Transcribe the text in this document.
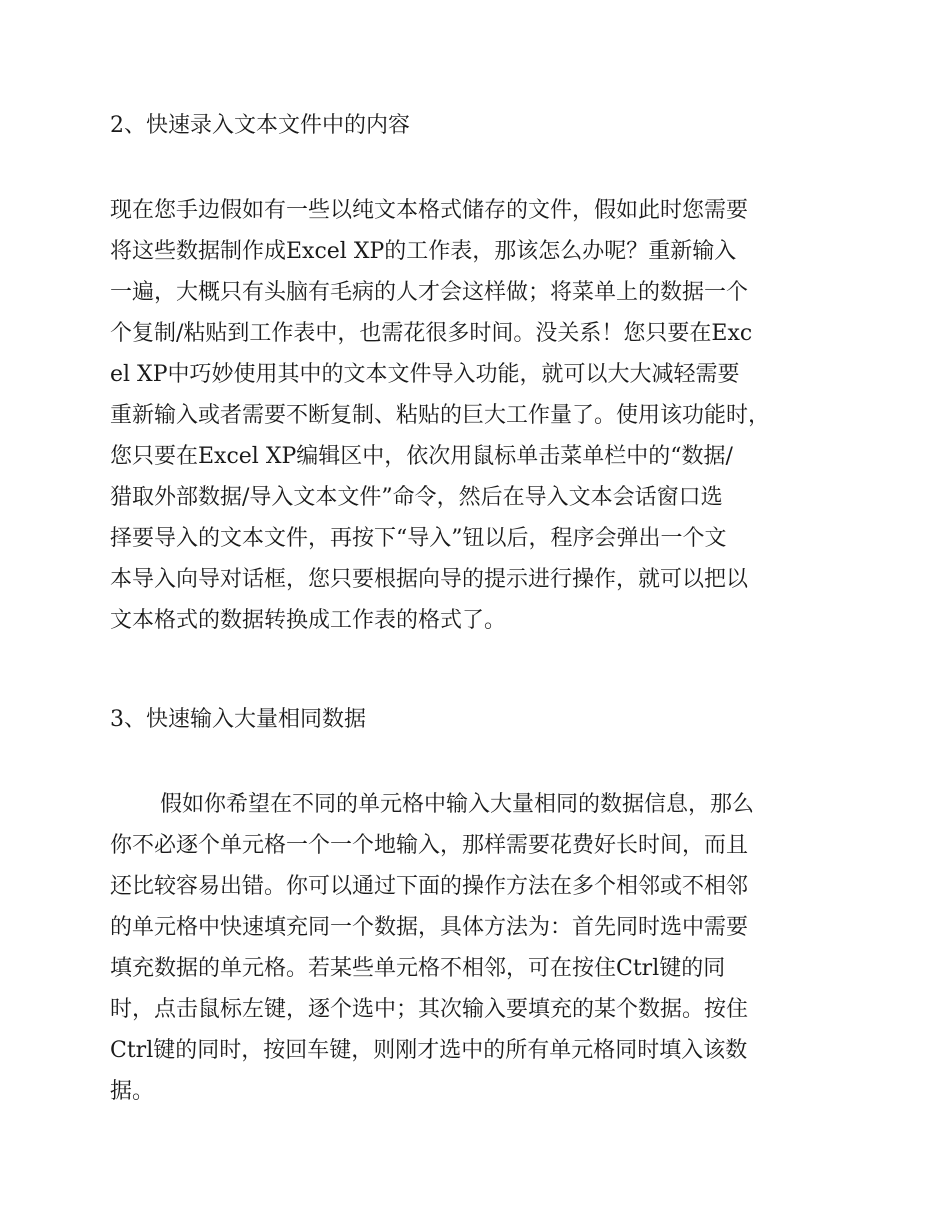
2、快速录入文本文件中的内容
现在您手边假如有一些以纯文本格式储存的文件，假如此时您需要
将这些数据制作成Excel XP的工作表，那该怎么办呢？重新输入
一遍，大概只有头脑有毛病的人才会这样做；将菜单上的数据一个
个复制/粘贴到工作表中，也需花很多时间。没关系！您只要在Exc
el XP中巧妙使用其中的文本文件导入功能，就可以大大减轻需要
重新输入或者需要不断复制、粘贴的巨大工作量了。使用该功能时，
您只要在Excel XP编辑区中，依次用鼠标单击菜单栏中的“数据/
猎取外部数据/导入文本文件”命令，然后在导入文本会话窗口选
择要导入的文本文件，再按下“导入”钮以后，程序会弹出一个文
本导入向导对话框，您只要根据向导的提示进行操作，就可以把以
文本格式的数据转换成工作表的格式了。
3、快速输入大量相同数据
假如你希望在不同的单元格中输入大量相同的数据信息，那么
你不必逐个单元格一个一个地输入，那样需要花费好长时间，而且
还比较容易出错。你可以通过下面的操作方法在多个相邻或不相邻
的单元格中快速填充同一个数据，具体方法为：首先同时选中需要
填充数据的单元格。若某些单元格不相邻，可在按住Ctrl键的同
时，点击鼠标左键，逐个选中；其次输入要填充的某个数据。按住
Ctrl键的同时，按回车键，则刚才选中的所有单元格同时填入该数
据。
